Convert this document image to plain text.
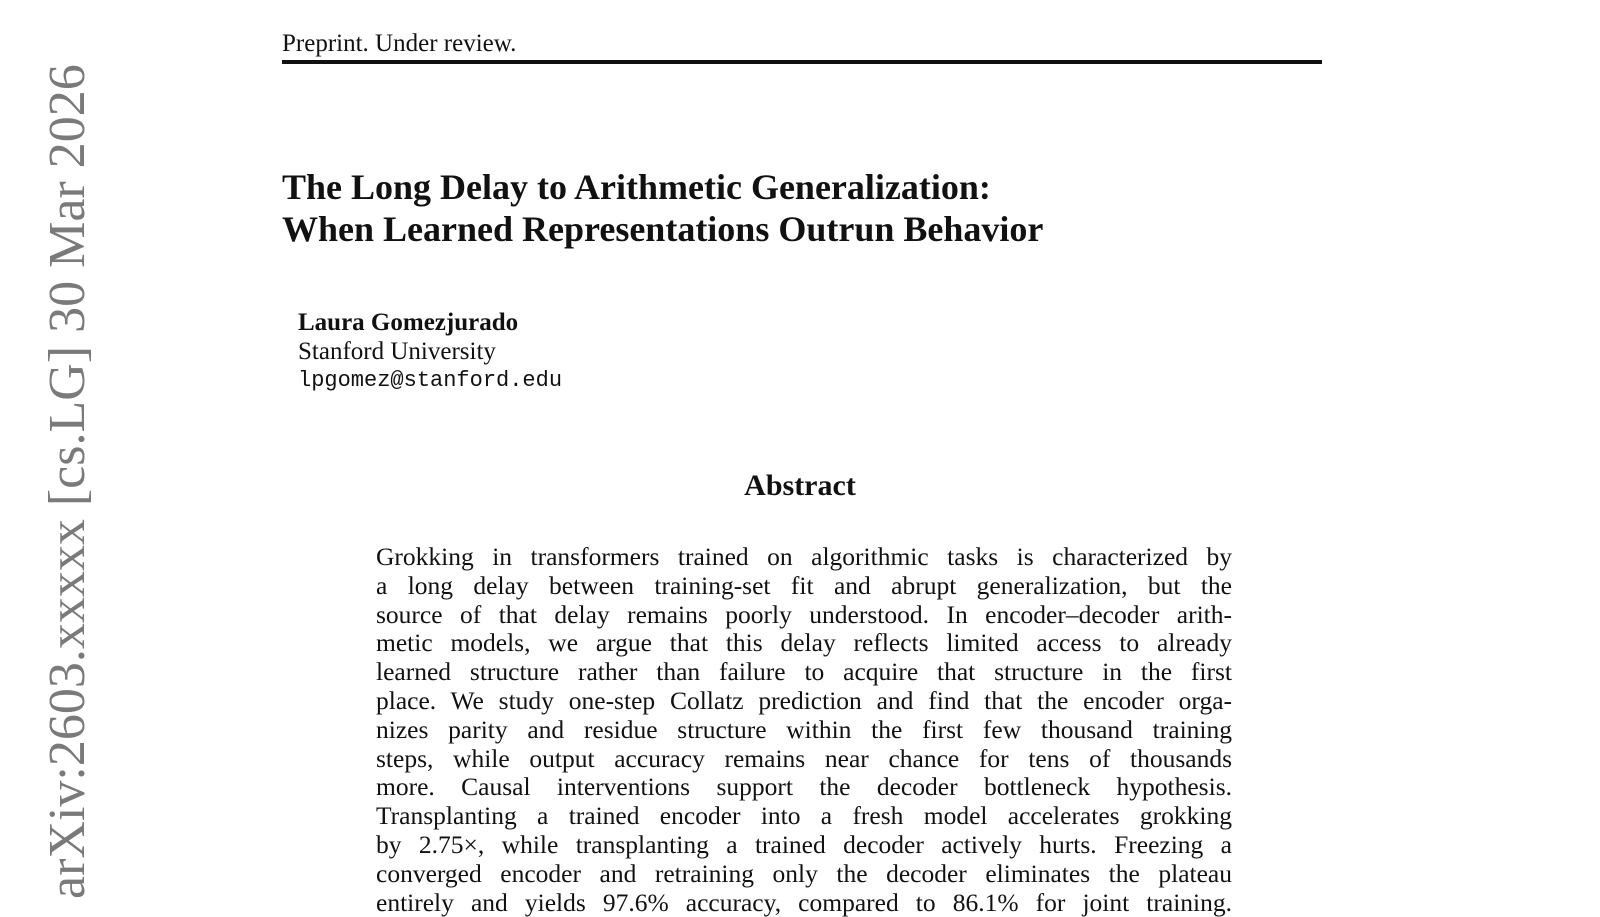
Preprint. Under review.
The Long Delay to Arithmetic Generalization:
When Learned Representations Outrun Behavior
Laura Gomezjurado
Stanford University
lpgomez@stanford.edu
Abstract
Grokking in transformers trained on algorithmic tasks is characterized by
a long delay between training-set fit and abrupt generalization, but the
source of that delay remains poorly understood. In encoder–decoder arith-
metic models, we argue that this delay reflects limited access to already
learned structure rather than failure to acquire that structure in the first
place. We study one-step Collatz prediction and find that the encoder orga-
nizes parity and residue structure within the first few thousand training
steps, while output accuracy remains near chance for tens of thousands
more. Causal interventions support the decoder bottleneck hypothesis.
Transplanting a trained encoder into a fresh model accelerates grokking
by 2.75×, while transplanting a trained decoder actively hurts. Freezing a
converged encoder and retraining only the decoder eliminates the plateau
entirely and yields 97.6% accuracy, compared to 86.1% for joint training.
arXiv:2603.xxxxx [cs.LG] 30 Mar 2026
